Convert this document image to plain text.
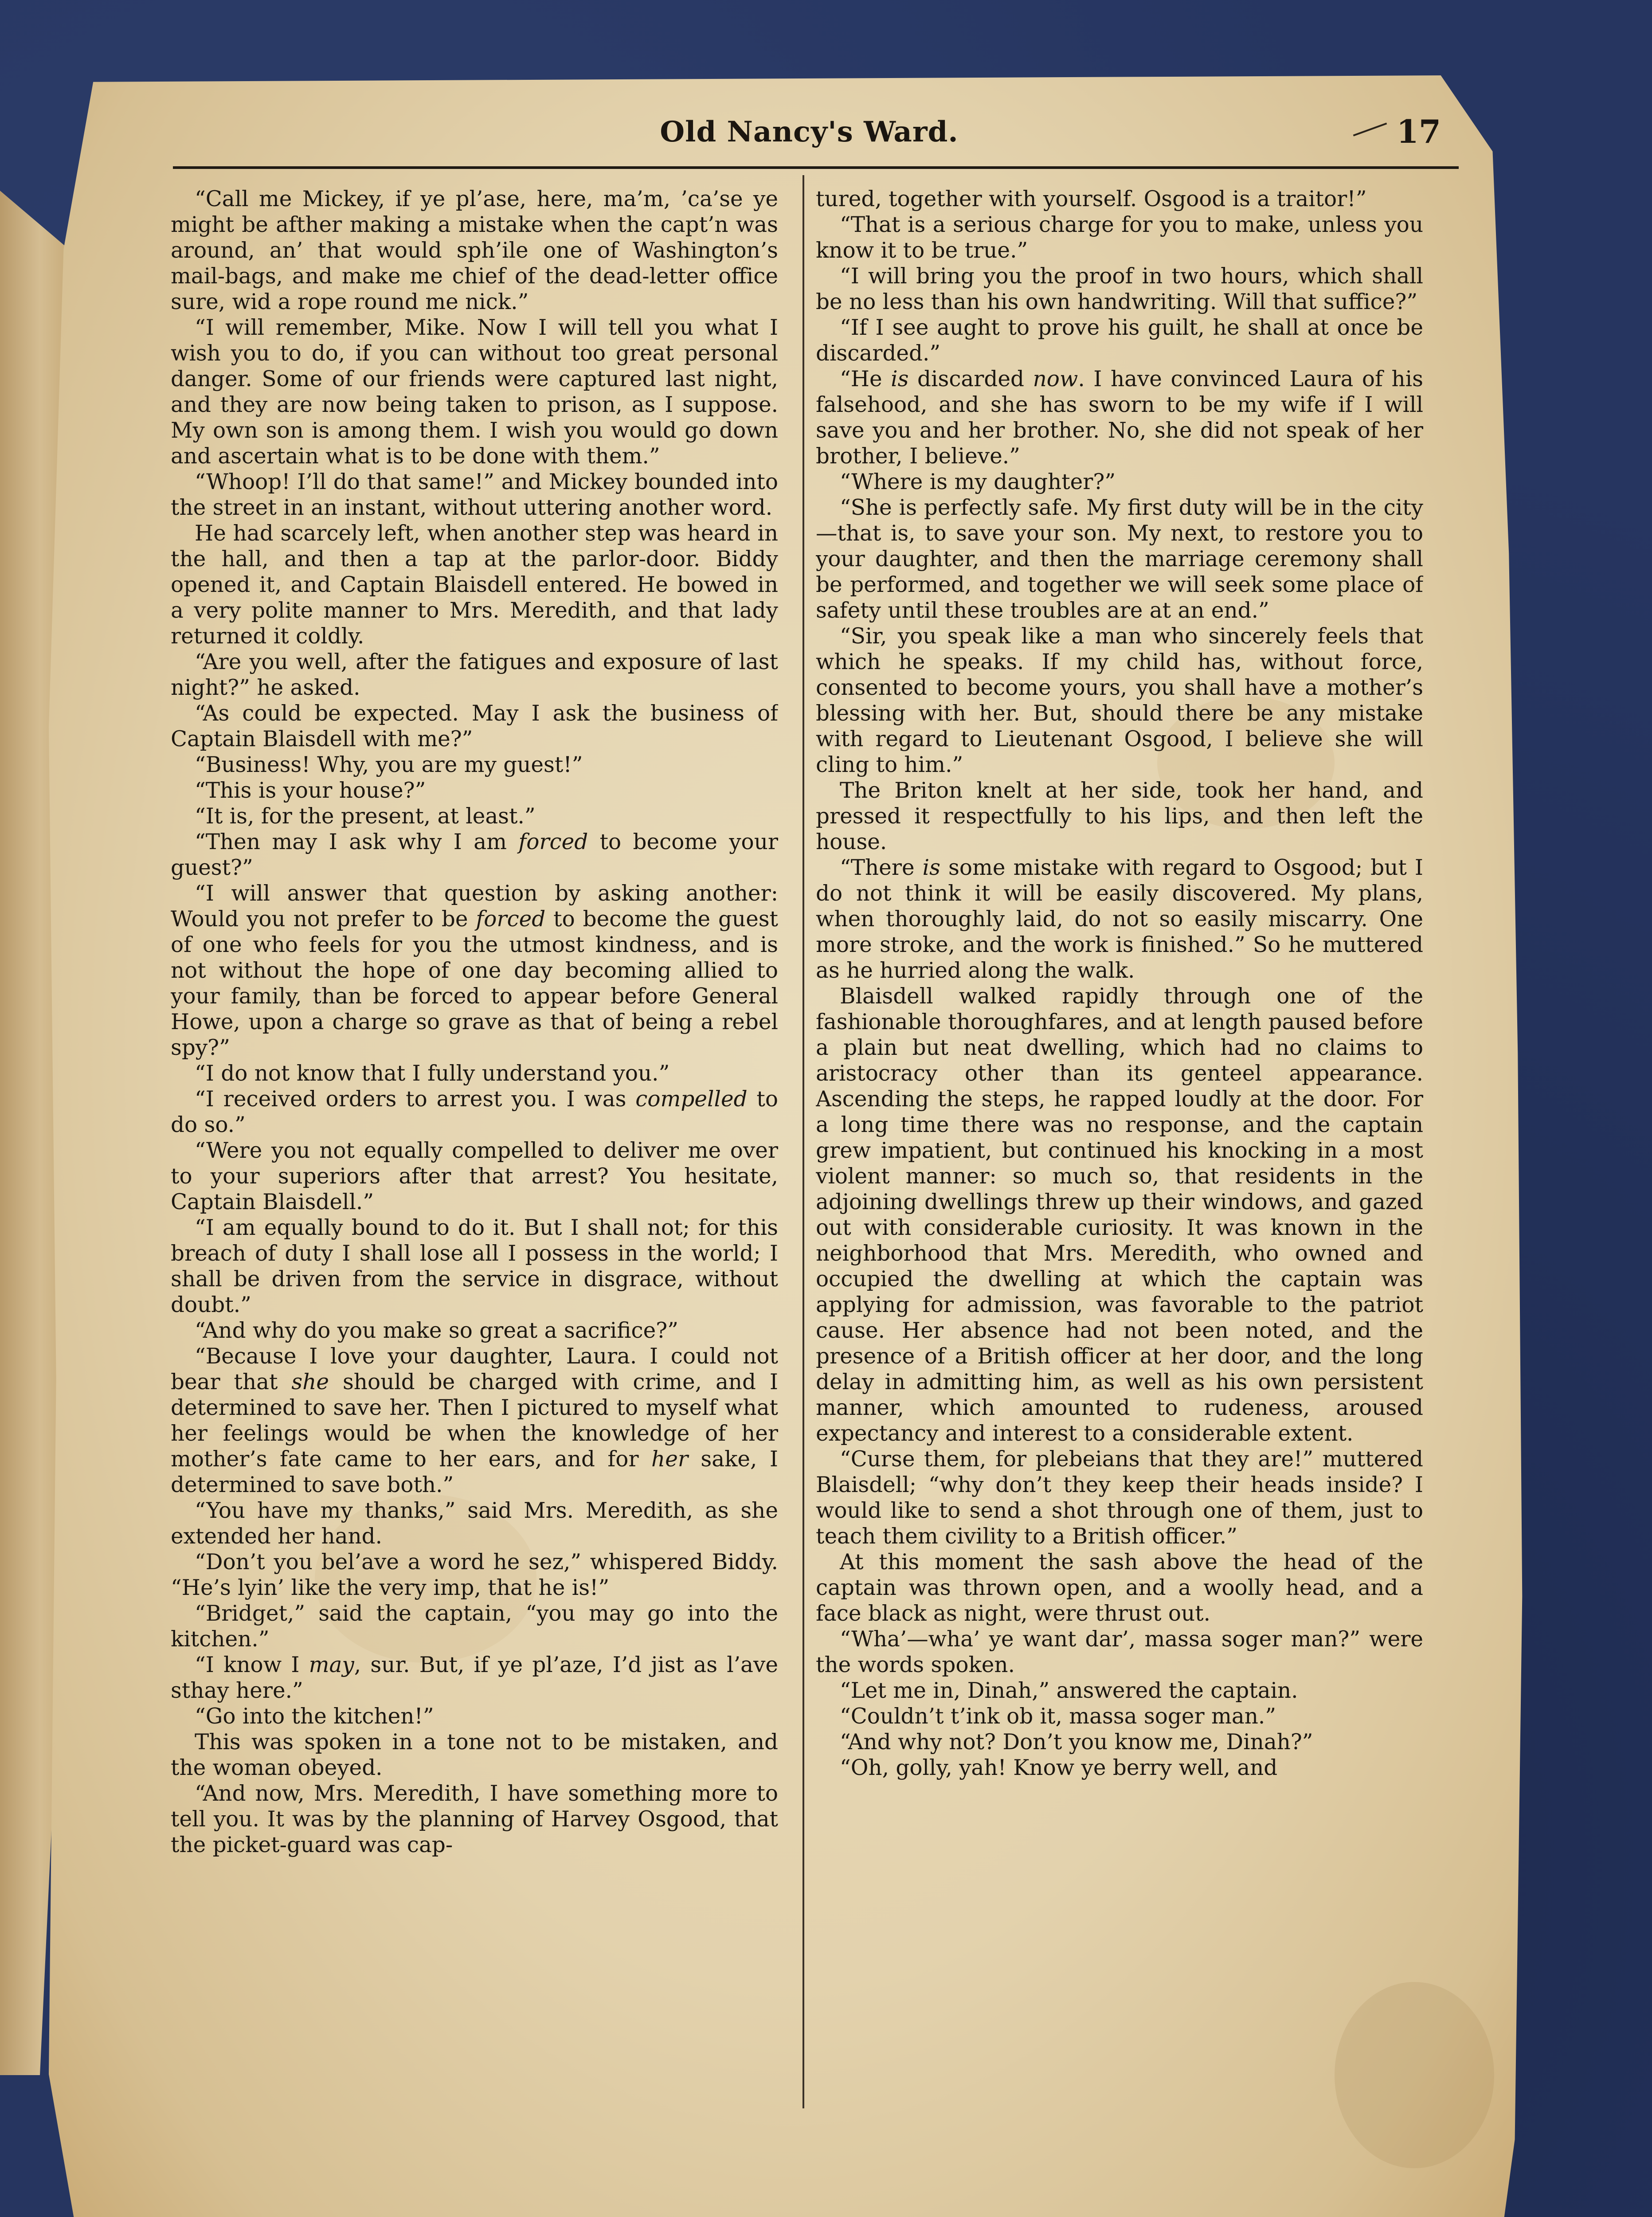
Old Nancy's Ward.	17

“Call me Mickey, if ye pl’ase, here, ma’m, ’ca’se ye might be afther making a mistake when the capt’n was around, an’ that would sph’ile one of Washington’s mail-bags, and make me chief of the dead-letter office sure, wid a rope round me nick.”

“I will remember, Mike. Now I will tell you what I wish you to do, if you can without too great personal danger. Some of our friends were captured last night, and they are now being taken to prison, as I suppose. My own son is among them. I wish you would go down and ascertain what is to be done with them.”

“Whoop! I’ll do that same!” and Mickey bounded into the street in an instant, without uttering another word.

He had scarcely left, when another step was heard in the hall, and then a tap at the parlor-door. Biddy opened it, and Captain Blaisdell entered. He bowed in a very polite manner to Mrs. Meredith, and that lady returned it coldly.

“Are you well, after the fatigues and exposure of last night?” he asked.

“As could be expected. May I ask the business of Captain Blaisdell with me?”

“Business! Why, you are my guest!”

“This is your house?”

“It is, for the present, at least.”

“Then may I ask why I am forced to become your guest?”

“I will answer that question by asking another: Would you not prefer to be forced to become the guest of one who feels for you the utmost kindness, and is not without the hope of one day becoming allied to your family, than be forced to appear before General Howe, upon a charge so grave as that of being a rebel spy?”

“I do not know that I fully understand you.”

“I received orders to arrest you. I was compelled to do so.”

“Were you not equally compelled to deliver me over to your superiors after that arrest? You hesitate, Captain Blaisdell.”

“I am equally bound to do it. But I shall not; for this breach of duty I shall lose all I possess in the world; I shall be driven from the service in disgrace, without doubt.”

“And why do you make so great a sacrifice?”

“Because I love your daughter, Laura. I could not bear that she should be charged with crime, and I determined to save her. Then I pictured to myself what her feelings would be when the knowledge of her mother’s fate came to her ears, and for her sake, I determined to save both.”

“You have my thanks,” said Mrs. Meredith, as she extended her hand.

“Don’t you bel’ave a word he sez,” whispered Biddy. “He’s lyin’ like the very imp, that he is!”

“Bridget,” said the captain, “you may go into the kitchen.”

“I know I may, sur. But, if ye pl’aze, I’d jist as l’ave sthay here.”

“Go into the kitchen!”

This was spoken in a tone not to be mistaken, and the woman obeyed.

“And now, Mrs. Meredith, I have something more to tell you. It was by the planning of Harvey Osgood, that the picket-guard was cap-

tured, together with yourself. Osgood is a traitor!”

“That is a serious charge for you to make, unless you know it to be true.”

“I will bring you the proof in two hours, which shall be no less than his own handwriting. Will that suffice?”

“If I see aught to prove his guilt, he shall at once be discarded.”

“He is discarded now. I have convinced Laura of his falsehood, and she has sworn to be my wife if I will save you and her brother. No, she did not speak of her brother, I believe.”

“Where is my daughter?”

“She is perfectly safe. My first duty will be in the city—that is, to save your son. My next, to restore you to your daughter, and then the marriage ceremony shall be performed, and together we will seek some place of safety until these troubles are at an end.”

“Sir, you speak like a man who sincerely feels that which he speaks. If my child has, without force, consented to become yours, you shall have a mother’s blessing with her. But, should there be any mistake with regard to Lieutenant Osgood, I believe she will cling to him.”

The Briton knelt at her side, took her hand, and pressed it respectfully to his lips, and then left the house.

“There is some mistake with regard to Osgood; but I do not think it will be easily discovered. My plans, when thoroughly laid, do not so easily miscarry. One more stroke, and the work is finished.” So he muttered as he hurried along the walk.

Blaisdell walked rapidly through one of the fashionable thoroughfares, and at length paused before a plain but neat dwelling, which had no claims to aristocracy other than its genteel appearance. Ascending the steps, he rapped loudly at the door. For a long time there was no response, and the captain grew impatient, but continued his knocking in a most violent manner: so much so, that residents in the adjoining dwellings threw up their windows, and gazed out with considerable curiosity. It was known in the neighborhood that Mrs. Meredith, who owned and occupied the dwelling at which the captain was applying for admission, was favorable to the patriot cause. Her absence had not been noted, and the presence of a British officer at her door, and the long delay in admitting him, as well as his own persistent manner, which amounted to rudeness, aroused expectancy and interest to a considerable extent.

“Curse them, for plebeians that they are!” muttered Blaisdell; “why don’t they keep their heads inside? I would like to send a shot through one of them, just to teach them civility to a British officer.”

At this moment the sash above the head of the captain was thrown open, and a woolly head, and a face black as night, were thrust out.

“Wha’—wha’ ye want dar’, massa soger man?” were the words spoken.

“Let me in, Dinah,” answered the captain.

“Couldn’t t’ink ob it, massa soger man.”

“And why not? Don’t you know me, Dinah?”

“Oh, golly, yah! Know ye berry well, and
